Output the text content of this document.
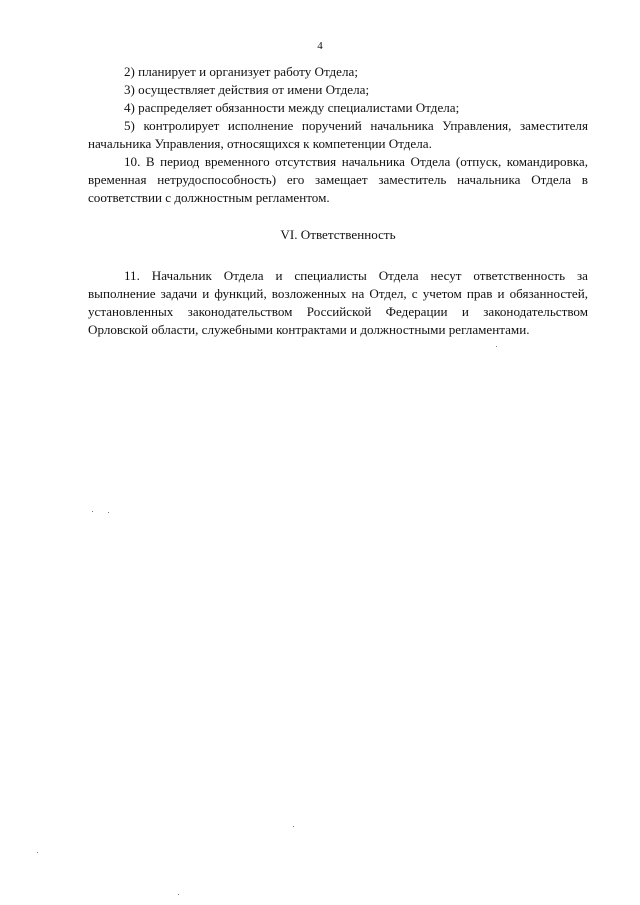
4

2) планирует и организует работу Отдела;

3) осуществляет действия от имени Отдела;

4) распределяет обязанности между специалистами Отдела;

5) контролирует исполнение поручений начальника Управления, заместителя начальника Управления, относящихся к компетенции Отдела.

10. В период временного отсутствия начальника Отдела (отпуск, командировка, временная нетрудоспособность) его замещает заместитель начальника Отдела в соответствии с должностным регламентом.

VI. Ответственность

11. Начальник Отдела и специалисты Отдела несут ответственность за выполнение задачи и функций, возложенных на Отдел, с учетом прав и обязанностей, установленных законодательством Российской Федерации и законодательством Орловской области, служебными контрактами и должностными регламентами.
